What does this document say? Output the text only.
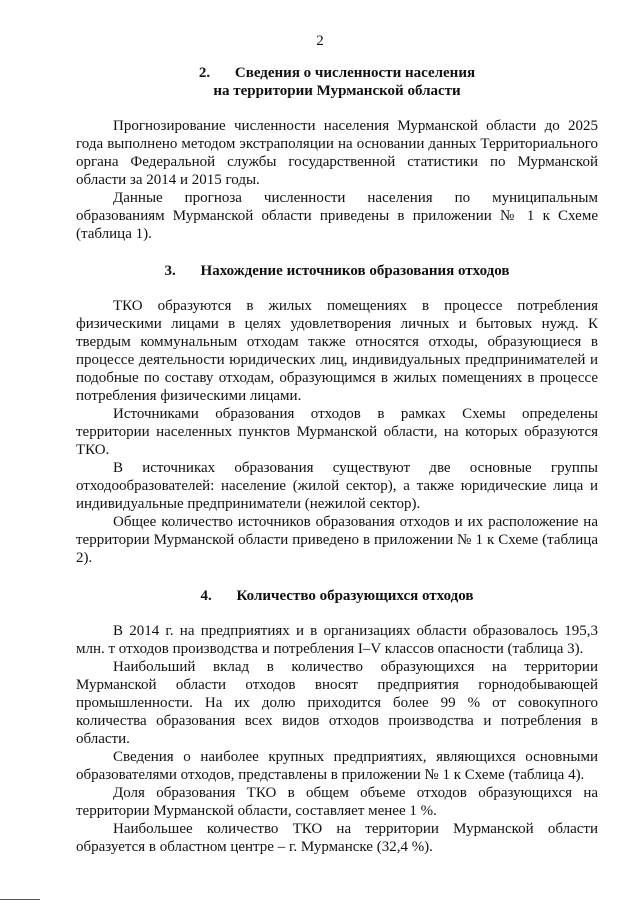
2
2. Сведения о численности населения
на территории Мурманской области

Прогнозирование численности населения Мурманской области до 2025 года выполнено методом экстраполяции на основании данных Территориального органа Федеральной службы государственной статистики по Мурманской области за 2014 и 2015 годы.

Данные прогноза численности населения по муниципальным образованиям Мурманской области приведены в приложении № 1 к Схеме (таблица 1).

3. Нахождение источников образования отходов

ТКО образуются в жилых помещениях в процессе потребления физическими лицами в целях удовлетворения личных и бытовых нужд. К твердым коммунальным отходам также относятся отходы, образующиеся в процессе деятельности юридических лиц, индивидуальных предпринимателей и подобные по составу отходам, образующимся в жилых помещениях в процессе потребления физическими лицами.

Источниками образования отходов в рамках Схемы определены территории населенных пунктов Мурманской области, на которых образуются ТКО.

В источниках образования существуют две основные группы отходообразователей: население (жилой сектор), а также юридические лица и индивидуальные предприниматели (нежилой сектор).

Общее количество источников образования отходов и их расположение на территории Мурманской области приведено в приложении № 1 к Схеме (таблица 2).

4. Количество образующихся отходов

В 2014 г. на предприятиях и в организациях области образовалось 195,3 млн. т отходов производства и потребления I–V классов опасности (таблица 3).

Наибольший вклад в количество образующихся на территории Мурманской области отходов вносят предприятия горнодобывающей промышленности. На их долю приходится более 99 % от совокупного количества образования всех видов отходов производства и потребления в области.

Сведения о наиболее крупных предприятиях, являющихся основными образователями отходов, представлены в приложении № 1 к Схеме (таблица 4).

Доля образования ТКО в общем объеме отходов образующихся на территории Мурманской области, составляет менее 1 %.

Наибольшее количество ТКО на территории Мурманской области образуется в областном центре – г. Мурманске (32,4 %).
